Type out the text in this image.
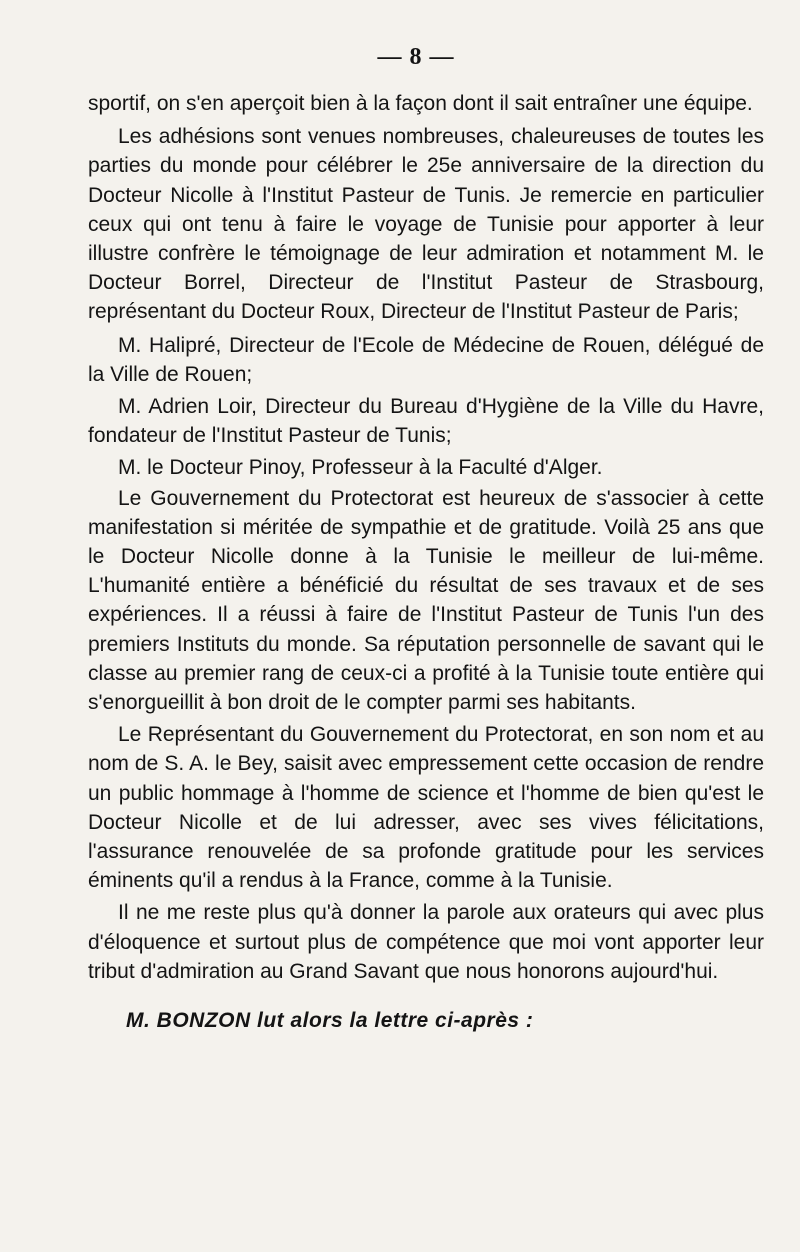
— 8 —

sportif, on s'en aperçoit bien à la façon dont il sait entraîner une équipe.

Les adhésions sont venues nombreuses, chaleureuses de toutes les parties du monde pour célébrer le 25e anniversaire de la direction du Docteur Nicolle à l'Institut Pasteur de Tunis. Je remercie en particulier ceux qui ont tenu à faire le voyage de Tunisie pour apporter à leur illustre confrère le témoignage de leur admiration et notamment M. le Docteur Borrel, Directeur de l'Institut Pasteur de Strasbourg, représentant du Docteur Roux, Directeur de l'Institut Pasteur de Paris;

M. Halipré, Directeur de l'Ecole de Médecine de Rouen, délégué de la Ville de Rouen;

M. Adrien Loir, Directeur du Bureau d'Hygiène de la Ville du Havre, fondateur de l'Institut Pasteur de Tunis;

M. le Docteur Pinoy, Professeur à la Faculté d'Alger.

Le Gouvernement du Protectorat est heureux de s'associer à cette manifestation si méritée de sympathie et de gratitude. Voilà 25 ans que le Docteur Nicolle donne à la Tunisie le meilleur de lui-même. L'humanité entière a bénéficié du résultat de ses travaux et de ses expériences. Il a réussi à faire de l'Institut Pasteur de Tunis l'un des premiers Instituts du monde. Sa réputation personnelle de savant qui le classe au premier rang de ceux-ci a profité à la Tunisie toute entière qui s'enorgueillit à bon droit de le compter parmi ses habitants.

Le Représentant du Gouvernement du Protectorat, en son nom et au nom de S. A. le Bey, saisit avec empressement cette occasion de rendre un public hommage à l'homme de science et l'homme de bien qu'est le Docteur Nicolle et de lui adresser, avec ses vives félicitations, l'assurance renouvelée de sa profonde gratitude pour les services éminents qu'il a rendus à la France, comme à la Tunisie.

Il ne me reste plus qu'à donner la parole aux orateurs qui avec plus d'éloquence et surtout plus de compétence que moi vont apporter leur tribut d'admiration au Grand Savant que nous honorons aujourd'hui.

M. BONZON lut alors la lettre ci-après :
